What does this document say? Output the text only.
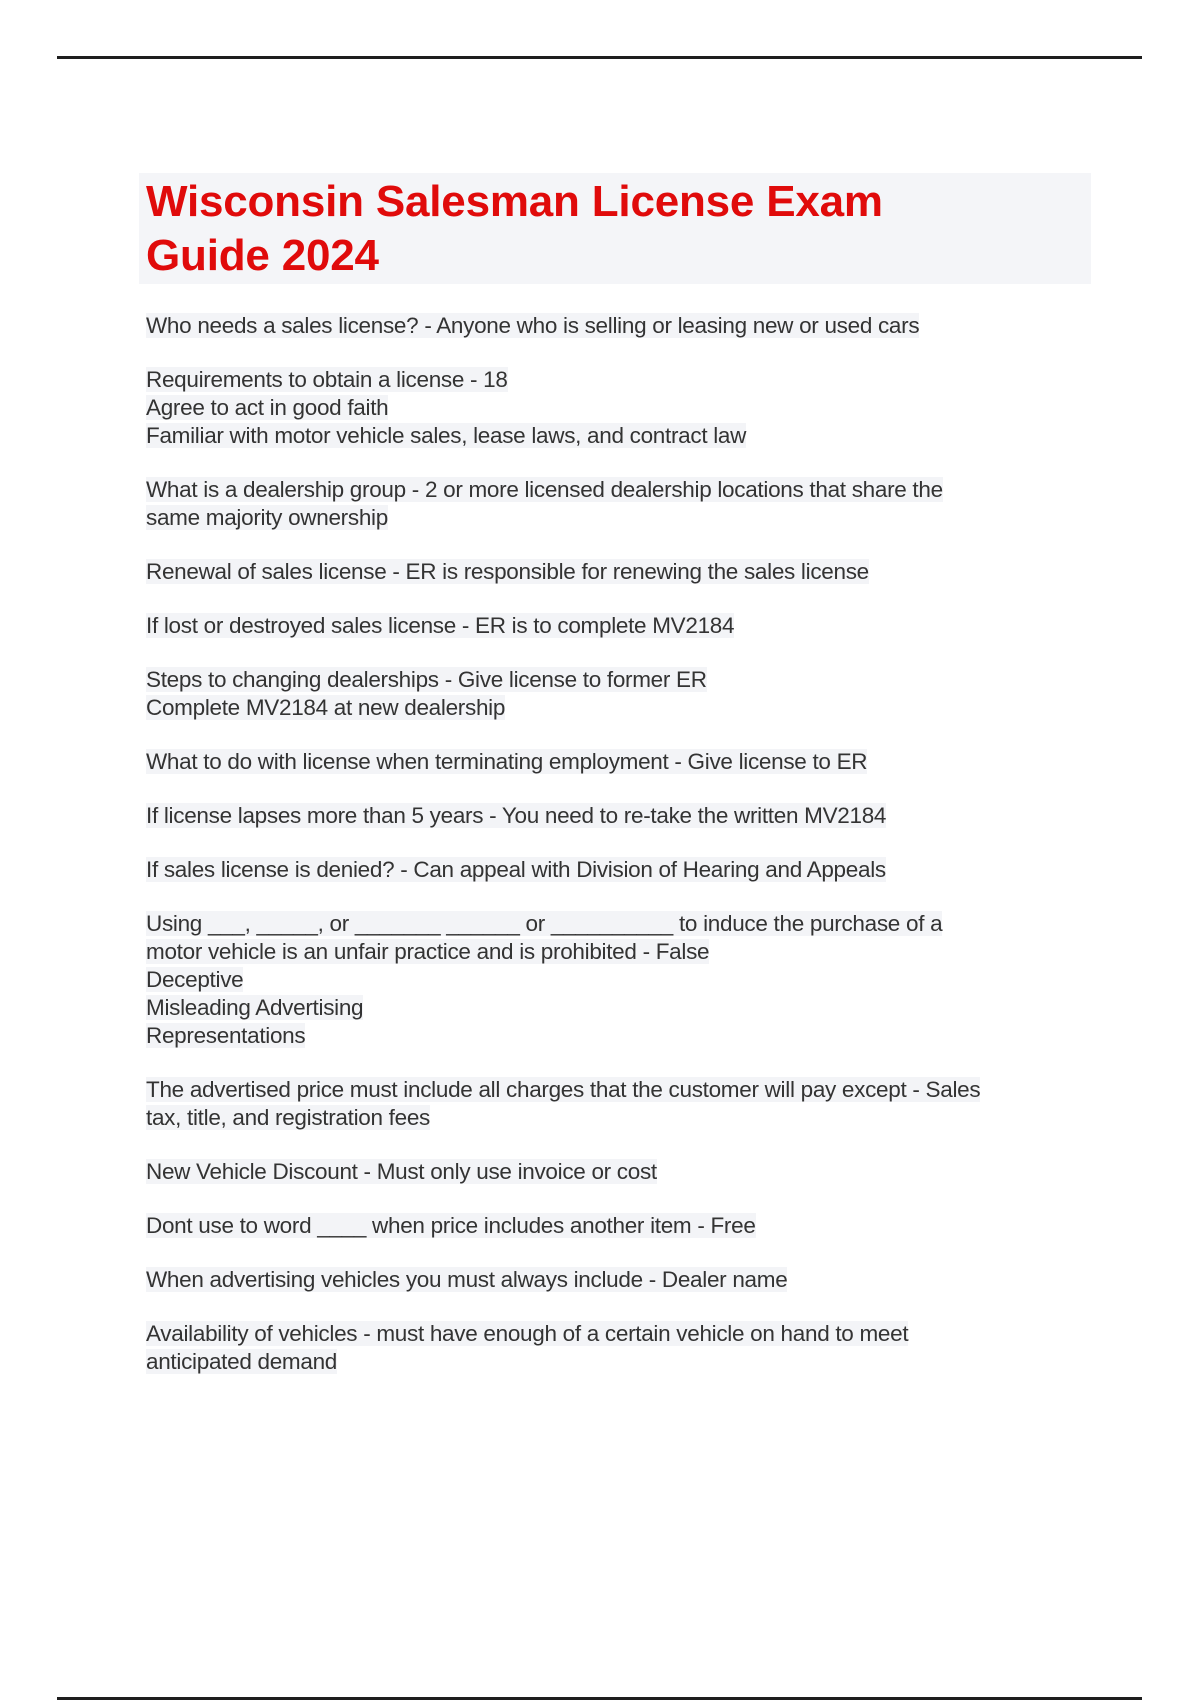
Wisconsin Salesman License Exam
Guide 2024

Who needs a sales license? - Anyone who is selling or leasing new or used cars

Requirements to obtain a license - 18
Agree to act in good faith
Familiar with motor vehicle sales, lease laws, and contract law

What is a dealership group - 2 or more licensed dealership locations that share the
same majority ownership

Renewal of sales license - ER is responsible for renewing the sales license

If lost or destroyed sales license - ER is to complete MV2184

Steps to changing dealerships - Give license to former ER
Complete MV2184 at new dealership

What to do with license when terminating employment - Give license to ER

If license lapses more than 5 years - You need to re-take the written MV2184

If sales license is denied? - Can appeal with Division of Hearing and Appeals

Using ___, _____, or _______ ______ or __________ to induce the purchase of a
motor vehicle is an unfair practice and is prohibited - False
Deceptive
Misleading Advertising
Representations

The advertised price must include all charges that the customer will pay except - Sales
tax, title, and registration fees

New Vehicle Discount - Must only use invoice or cost

Dont use to word ____ when price includes another item - Free

When advertising vehicles you must always include - Dealer name

Availability of vehicles - must have enough of a certain vehicle on hand to meet
anticipated demand
